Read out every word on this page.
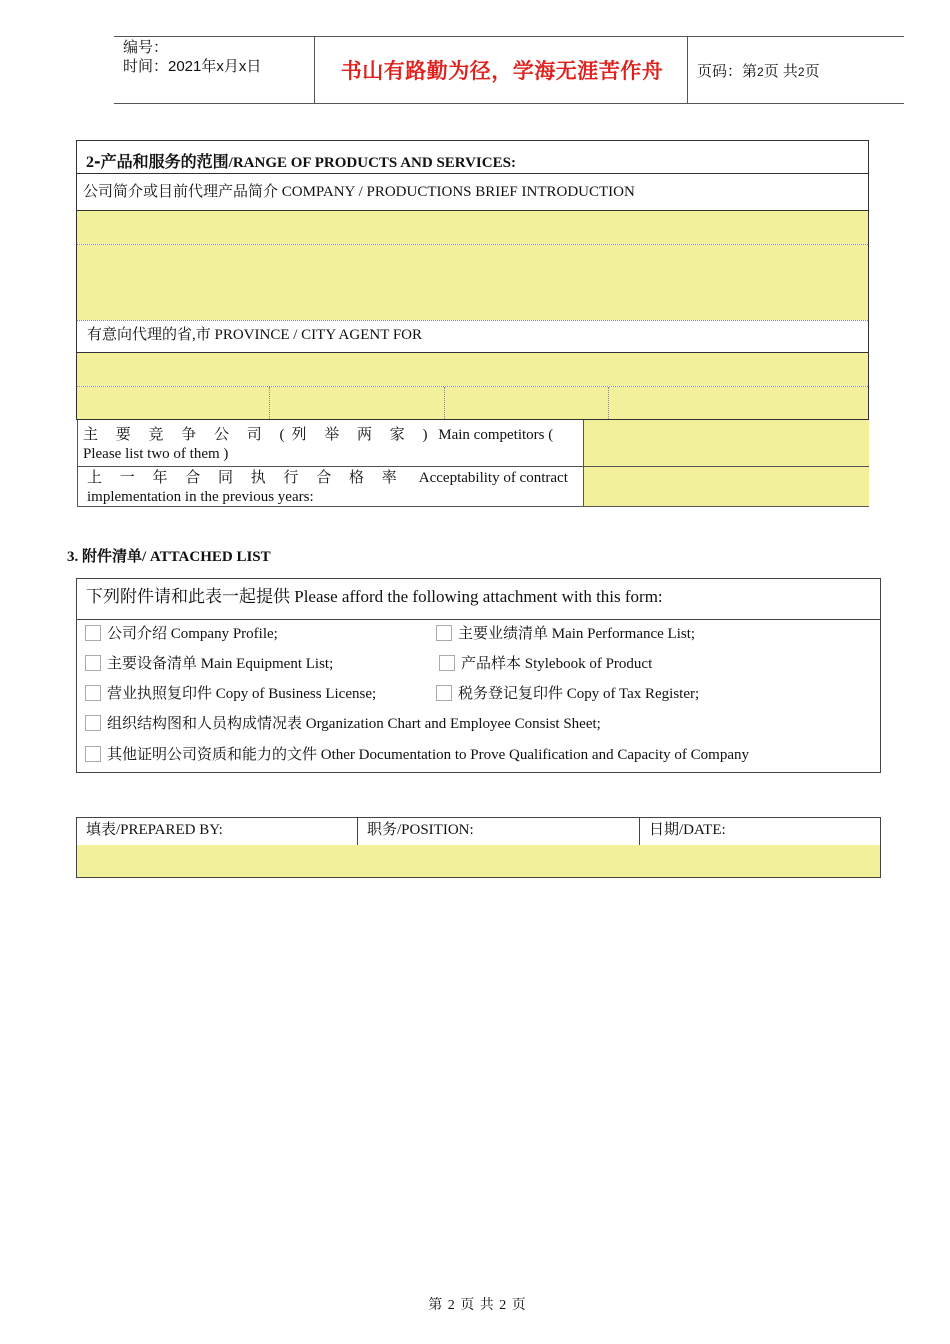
编号：
时间：2021年x月x日	书山有路勤为径，学海无涯苦作舟	页码：第2页 共2页
2-产品和服务的范围/RANGE OF PRODUCTS AND SERVICES:
公司简介或目前代理产品简介 COMPANY / PRODUCTIONS BRIEF INTRODUCTION
有意向代理的省,市 PROVINCE / CITY AGENT FOR
主 要 竞 争 公 司 (列 举 两 家 ) Main competitors ( Please list two of them )
上 一 年 合 同 执 行 合 格 率 Acceptability of contract implementation in the previous years:
3. 附件清单/ ATTACHED LIST
下列附件请和此表一起提供 Please afford the following attachment with this form:
公司介绍 Company Profile;	主要业绩清单 Main Performance List;
主要设备清单 Main Equipment List;	产品样本 Stylebook of Product
营业执照复印件 Copy of Business License;	税务登记复印件 Copy of Tax Register;
组织结构图和人员构成情况表 Organization Chart and Employee Consist Sheet;
其他证明公司资质和能力的文件 Other Documentation to Prove Qualification and Capacity of Company
填表/PREPARED BY:	职务/POSITION:	日期/DATE:
第 2 页 共 2 页
